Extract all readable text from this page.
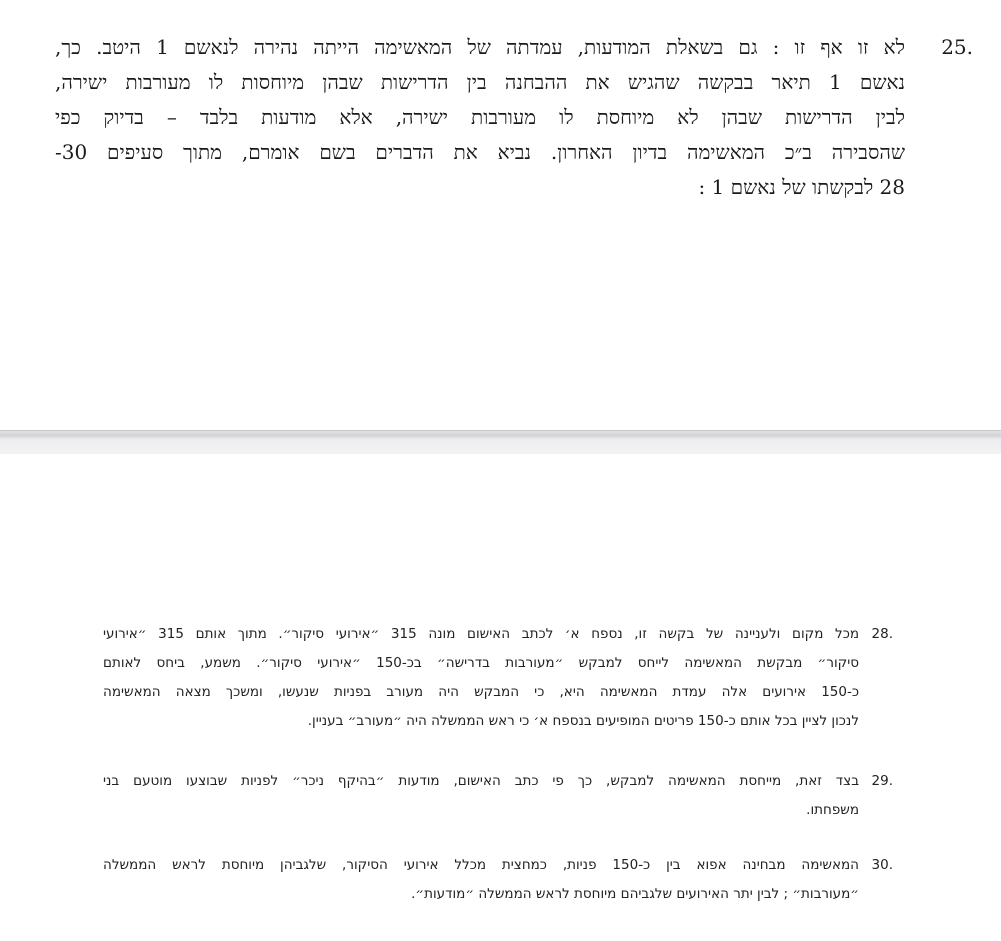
25.
לא זו אף זו : גם בשאלת המודעות, עמדתה של המאשימה הייתה נהירה לנאשם 1 היטב. כך,
נאשם 1 תיאר בבקשה שהגיש את ההבחנה בין הדרישות שבהן מיוחסות לו מעורבות ישירה,
לבין הדרישות שבהן לא מיוחסת לו מעורבות ישירה, אלא מודעות בלבד – בדיוק כפי
שהסבירה ב״כ המאשימה בדיון האחרון. נביא את הדברים בשם אומרם, מתוך סעיפים 30-
28 לבקשתו של נאשם 1 :
28.
מכל מקום ולעניינה של בקשה זו, נספח א׳ לכתב האישום מונה 315 ״אירועי סיקור״. מתוך אותם 315 ״אירועי
סיקור״ מבקשת המאשימה לייחס למבקש ״מעורבות בדרישה״ בכ-150 ״אירועי סיקור״. משמע, ביחס לאותם
כ-150 אירועים אלה עמדת המאשימה היא, כי המבקש היה מעורב בפניות שנעשו, ומשכך מצאה המאשימה
לנכון לציין בכל אותם כ-150 פריטים המופיעים בנספח א׳ כי ראש הממשלה היה ״מעורב״ בעניין.
29.
בצד זאת, מייחסת המאשימה למבקש, כך פי כתב האישום, מודעות ״בהיקף ניכר״ לפניות שבוצעו מוטעם בני
משפחתו.
30.
המאשימה מבחינה אפוא בין כ-150 פניות, כמחצית מכלל אירועי הסיקור, שלגביהן מיוחסת לראש הממשלה
״מעורבות״ ; לבין יתר האירועים שלגביהם מיוחסת לראש הממשלה ״מודעות״.
